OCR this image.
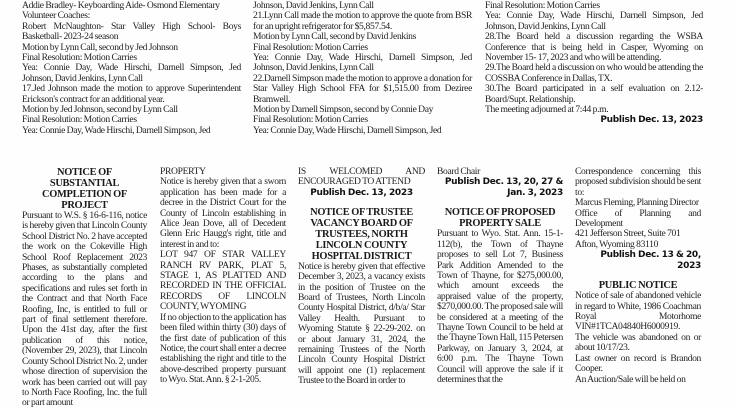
Addie Bradley- Keyboarding Aide- Osmond Elementary

Volunteer Coaches:

Robert McNaughton- Star Valley High School- Boys Basketball- 2023-24 season

Motion by Lynn Call, second by Jed Johnson

Final Resolution: Motion Carries

Yea: Connie Day, Wade Hirschi, Darnell Simpson, Jed Johnson, David Jenkins, Lynn Call

17.Jed Johnson made the motion to approve Superintendent Erickson's contract for an additional year.

Motion by Jed Johnson, second by Lynn Call

Final Resolution: Motion Carries

Yea: Connie Day, Wade Hirschi, Darnell Simpson, Jed

Johnson, David Jenkins, Lynn Call

21.Lynn Call made the motion to approve the quote from BSR for an upright refrigerator for $5,857.54.

Motion by Lynn Call, second by David Jenkins

Final Resolution: Motion Carries

Yea: Connie Day, Wade Hirschi, Darnell Simpson, Jed Johnson, David Jenkins, Lynn Call

22.Darnell Simpson made the motion to approve a donation for Star Valley High School FFA for $1,515.00 from Deziree Bramwell.

Motion by Darnell Simpson, second by Connie Day

Final Resolution: Motion Carries

Yea: Connie Day, Wade Hirschi, Darnell Simpson, Jed

Final Resolution: Motion Carries

Yea: Connie Day, Wade Hirschi, Darnell Simpson, Jed Johnson, David Jenkins, Lynn Call

28.The Board held a discussion regarding the WSBA Conference that is being held in Casper, Wyoming on November 15- 17, 2023 and who will be attending.

29.The Board held a discussion on who would be attending the COSSBA Conference in Dallas, TX.

30.The Board participated in a self evaluation on 2.12- Board/Supt. Relationship.

The meeting adjourned at 7:44 p.m.

Publish Dec. 13, 2023

NOTICE OF SUBSTANTIAL COMPLETION OF PROJECT

Pursuant to W.S. § 16-6-116, notice is hereby given that Lincoln County School District No. 2 have accepted the work on the Cokeville High School Roof Replacement 2023 Phases, as substantially completed according to the plans and specifications and rules set forth in the Contract and that North Face Roofing, Inc, is entitled to full or part of final settlement therefore. Upon the 41st day, after the first publication of this notice, (November 29, 2023), that Lincoln County School District No. 2, under whose direction of supervision the work has been carried out will pay to North Face Roofing, Inc. the full or part amount

PROPERTY

Notice is hereby given that a sworn application has been made for a decree in the District Court for the County of Lincoln establishing in Alice Jean Dove, all of Decedent Glenn Eric Haugg's right, title and interest in and to:

LOT 947 OF STAR VALLEY RANCH RV PARK, PLAT 5, STAGE 1, AS PLATTED AND RECORDED IN THE OFFICIAL RECORDS OF LINCOLN COUNTY, WYOMING

If no objection to the application has been filed within thirty (30) days of the first date of publication of this Notice, the court shall enter a decree establishing the right and title to the above-described property pursuant to Wyo. Stat. Ann. § 2-1-205.

IS WELCOMED AND ENCOURAGED TO ATTEND

Publish Dec. 13, 2023

NOTICE OF TRUSTEE VACANCY BOARD OF TRUSTEES, NORTH LINCOLN COUNTY HOSPITAL DISTRICT

Notice is hereby given that effective December 3, 2023, a vacancy exists in the position of Trustee on the Board of Trustees, North Lincoln County Hospital District, d/b/a/ Star Valley Health. Pursuant to Wyoming Statute § 22-29-202. on or about January 31, 2024, the remaining Trustees of the North Lincoln County Hospital District will appoint one (1) replacement Trustee to the Board in order to

Board Chair

Publish Dec. 13, 20, 27 & Jan. 3, 2023

NOTICE OF PROPOSED PROPERTY SALE

Pursuant to Wyo. Stat. Ann. 15-1-112(b), the Town of Thayne proposes to sell Lot 7, Business Park Addition Amended to the Town of Thayne, for $275,000.00, which amount exceeds the appraised value of the property, $270,000.00. The proposed sale will be considered at a meeting of the Thayne Town Council to be held at the Thayne Town Hall, 115 Petersen Parkway, on January 3, 2024, at 6:00 p.m. The Thayne Town Council will approve the sale if it determines that the

Correspondence concerning this proposed subdivision should be sent to:

Marcus Fleming, Planning Director

Office of Planning and Development

421 Jefferson Street, Suite 701

Afton, Wyoming 83110

Publish Dec. 13 & 20, 2023

PUBLIC NOTICE

Notice of sale of abandoned vehicle in regard to White, 1986 Coachman Royal Motorhome VIN#1TCA04840H6000919.

The vehicle was abandoned on or about 10/17/23.

Last owner on record is Brandon Cooper.

An Auction/Sale will be held on
